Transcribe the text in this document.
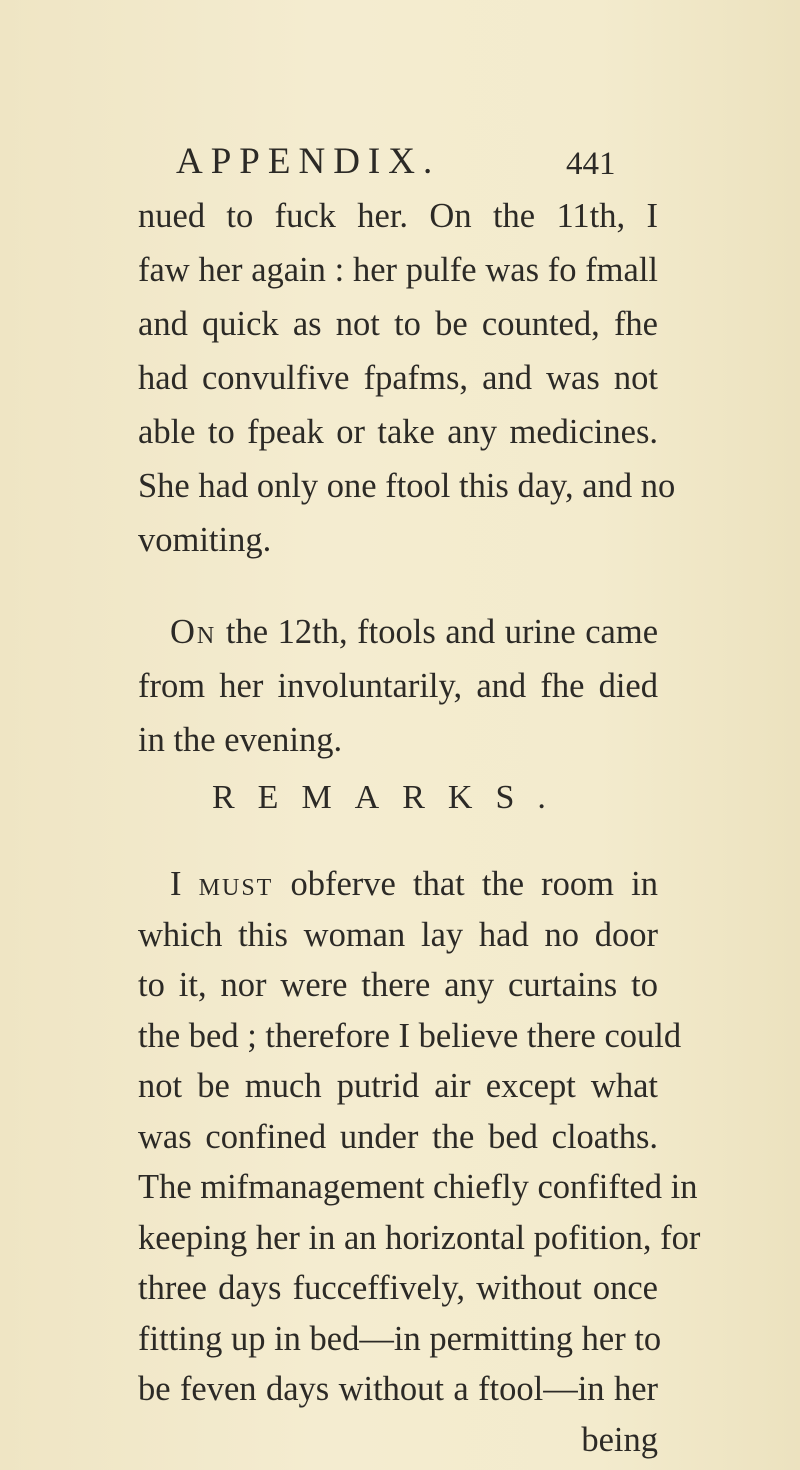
APPENDIX.	441
nued to fuck her. On the 11th, I
faw her again : her pulfe was fo fmall
and quick as not to be counted, fhe
had convulfive fpafms, and was not
able to fpeak or take any medicines.
She had only one ftool this day, and no
vomiting.
On the 12th, ftools and urine came
from her involuntarily, and fhe died
in the evening.
REMARKS.
I must obferve that the room in
which this woman lay had no door
to it, nor were there any curtains to
the bed ; therefore I believe there could
not be much putrid air except what
was confined under the bed cloaths.
The mifmanagement chiefly confifted in
keeping her in an horizontal pofition, for
three days fucceffively, without once
fitting up in bed—in permitting her to
be feven days without a ftool—in her
being
